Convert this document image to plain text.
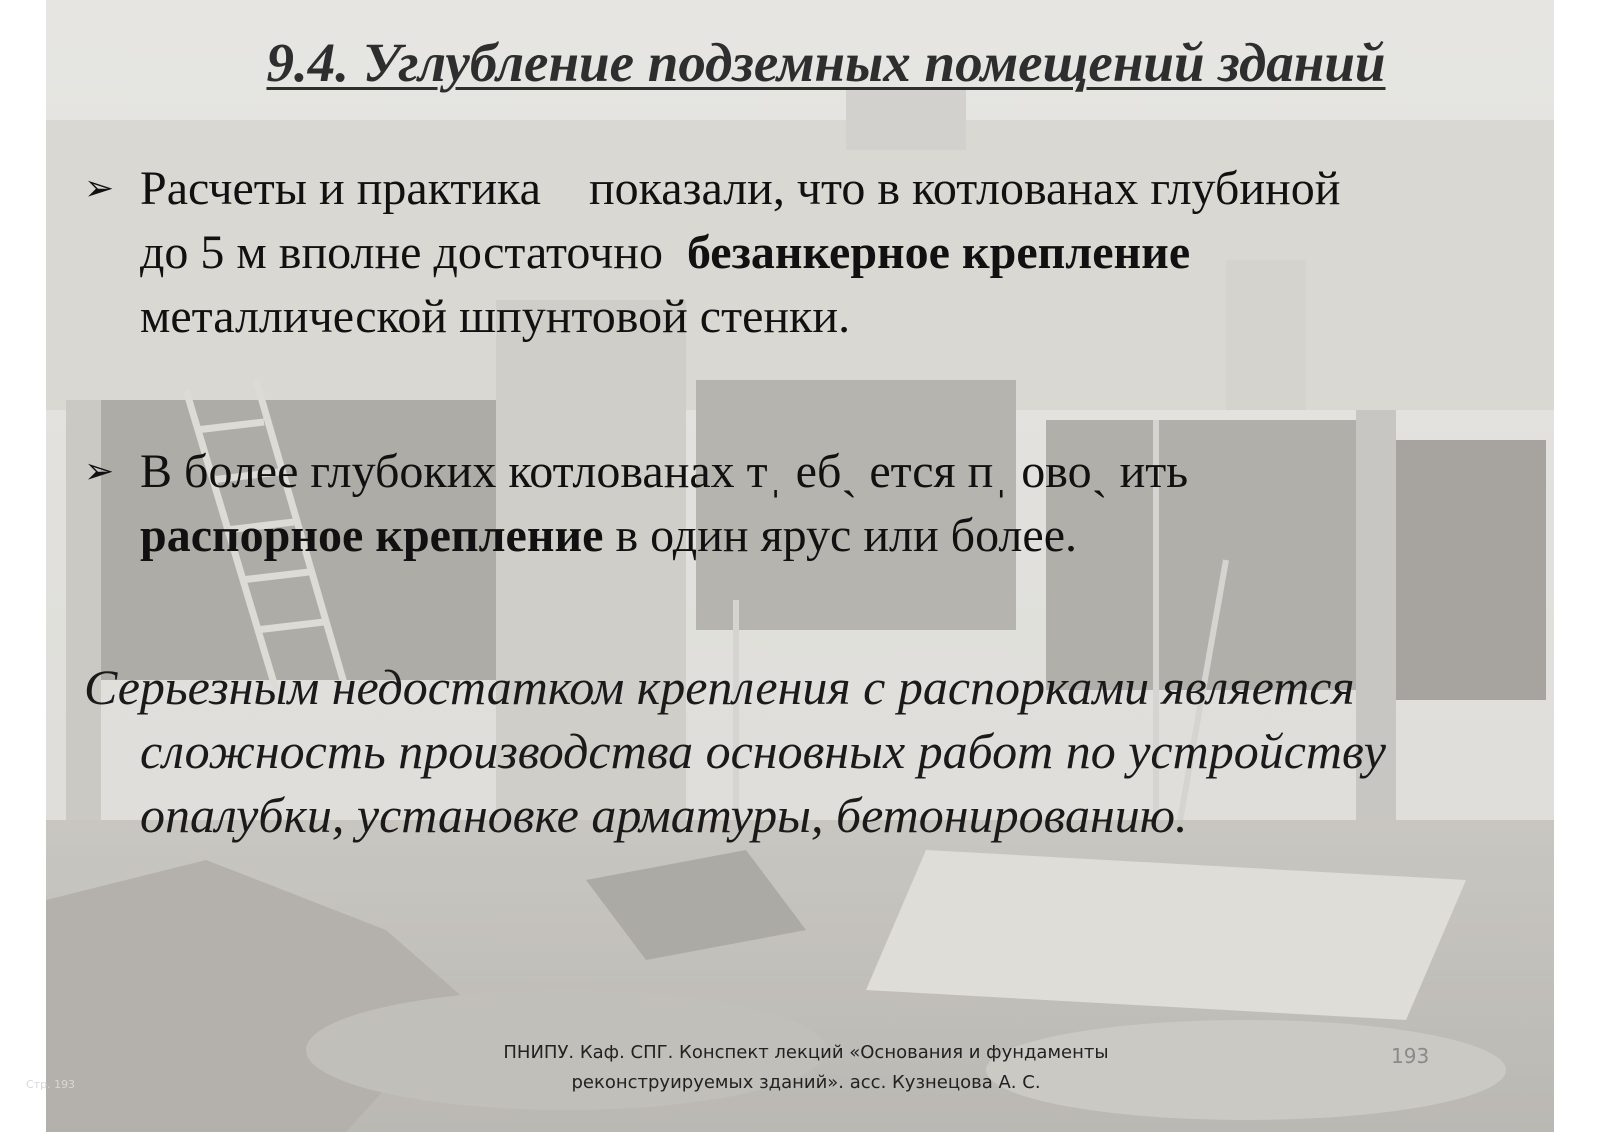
9.4. Углубление подземных помещений зданий
➢ Расчеты и практика    показали, что в котлованах глубиной
до 5 м вполне достаточно  безанкерное крепление
металлической шпунтовой стенки.
➢ В более глубоких котлованах тˌ ебˎ ется пˌ овоˎ ить
распорное крепление в один ярус или более.
Серьезным недостатком крепления с распорками является
сложность производства основных работ по устройству
опалубки, установке арматуры, бетонированию.
ПНИПУ. Каф. СПГ. Конспект лекций «Основания и фундаменты
реконструируемых зданий». асс. Кузнецова А. С.
193
Стр. 193
